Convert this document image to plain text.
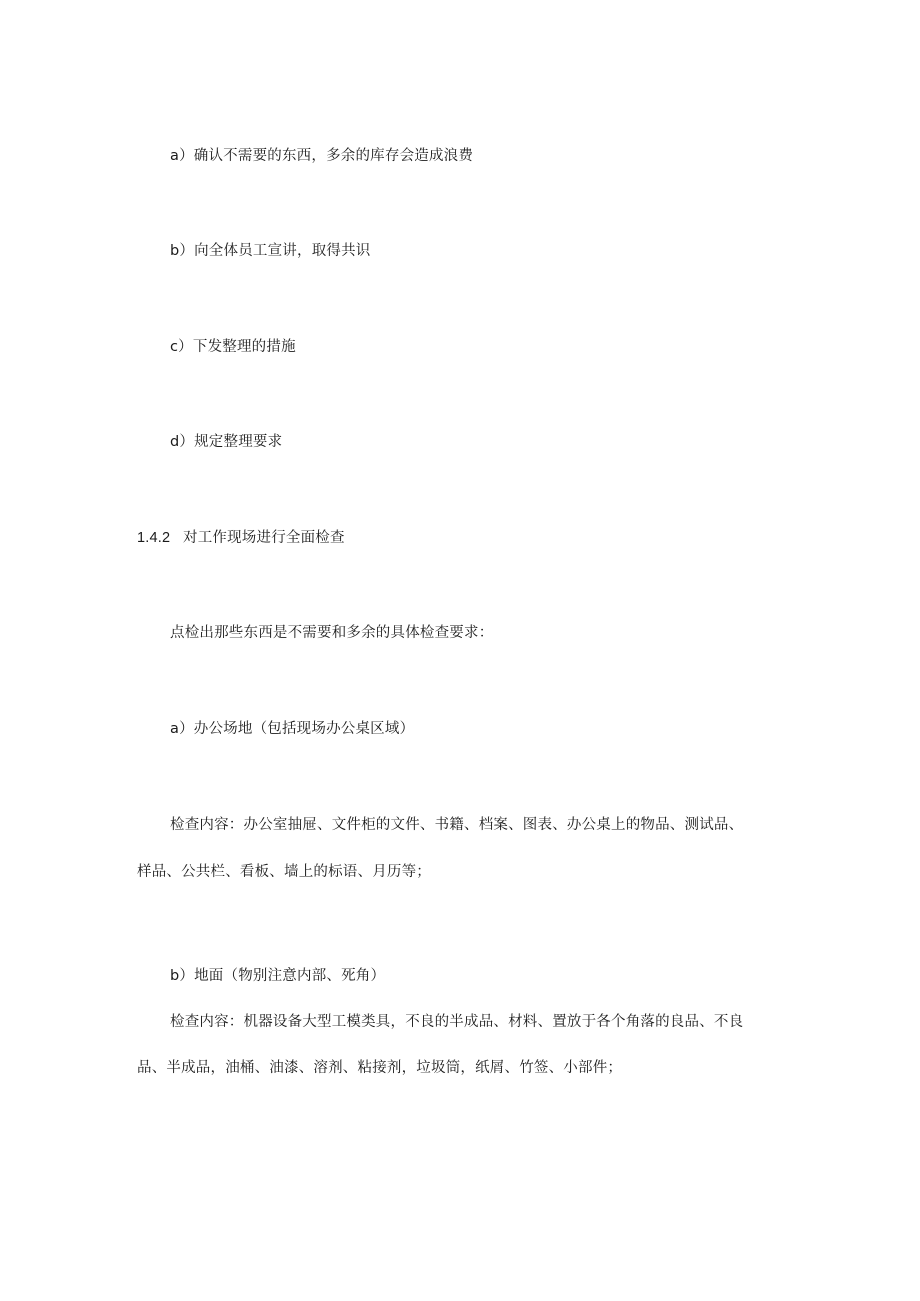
a）确认不需要的东西，多余的库存会造成浪费
b）向全体员工宣讲，取得共识
c）下发整理的措施
d）规定整理要求
1.4.2 对工作现场进行全面检查
点检出那些东西是不需要和多余的具体检查要求：
a）办公场地（包括现场办公桌区域）
检查内容：办公室抽屉、文件柜的文件、书籍、档案、图表、办公桌上的物品、测试品、
样品、公共栏、看板、墙上的标语、月历等；
b）地面（物别注意内部、死角）
检查内容：机器设备大型工模类具，不良的半成品、材料、置放于各个角落的良品、不良
品、半成品，油桶、油漆、溶剂、粘接剂，垃圾筒，纸屑、竹签、小部件；
